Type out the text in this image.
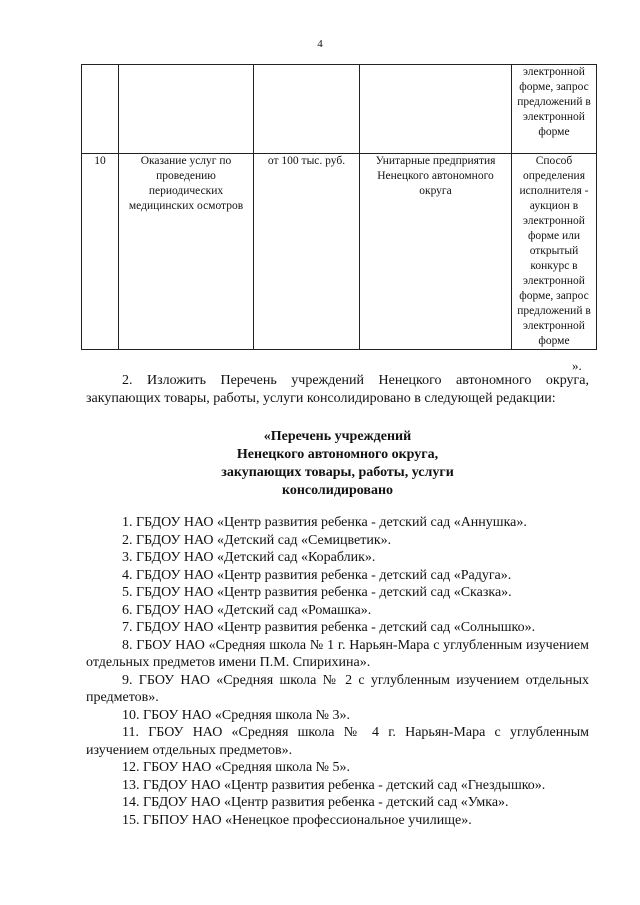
4
				электронной форме, запрос предложений в электронной форме
10	Оказание услуг по проведению периодических медицинских осмотров	от 100 тыс. руб.	Унитарные предприятия Ненецкого автономного округа	Способ определения исполнителя - аукцион в электронной форме или открытый конкурс в электронной форме, запрос предложений в электронной форме
».
2. Изложить Перечень учреждений Ненецкого автономного округа, закупающих товары, работы, услуги консолидировано в следующей редакции:
«Перечень учреждений
Ненецкого автономного округа,
закупающих товары, работы, услуги
консолидировано
1. ГБДОУ НАО «Центр развития ребенка - детский сад «Аннушка».
2. ГБДОУ НАО «Детский сад «Семицветик».
3. ГБДОУ НАО «Детский сад «Кораблик».
4. ГБДОУ НАО «Центр развития ребенка - детский сад «Радуга».
5. ГБДОУ НАО «Центр развития ребенка - детский сад «Сказка».
6. ГБДОУ НАО «Детский сад «Ромашка».
7. ГБДОУ НАО «Центр развития ребенка - детский сад «Солнышко».
8. ГБОУ НАО «Средняя школа № 1 г. Нарьян-Мара с углубленным изучением отдельных предметов имени П.М. Спирихина».
9. ГБОУ НАО «Средняя школа № 2 с углубленным изучением отдельных предметов».
10. ГБОУ НАО «Средняя школа № 3».
11. ГБОУ НАО «Средняя школа № 4 г. Нарьян-Мара с углубленным изучением отдельных предметов».
12. ГБОУ НАО «Средняя школа № 5».
13. ГБДОУ НАО «Центр развития ребенка - детский сад «Гнездышко».
14. ГБДОУ НАО «Центр развития ребенка - детский сад «Умка».
15. ГБПОУ НАО «Ненецкое профессиональное училище».
